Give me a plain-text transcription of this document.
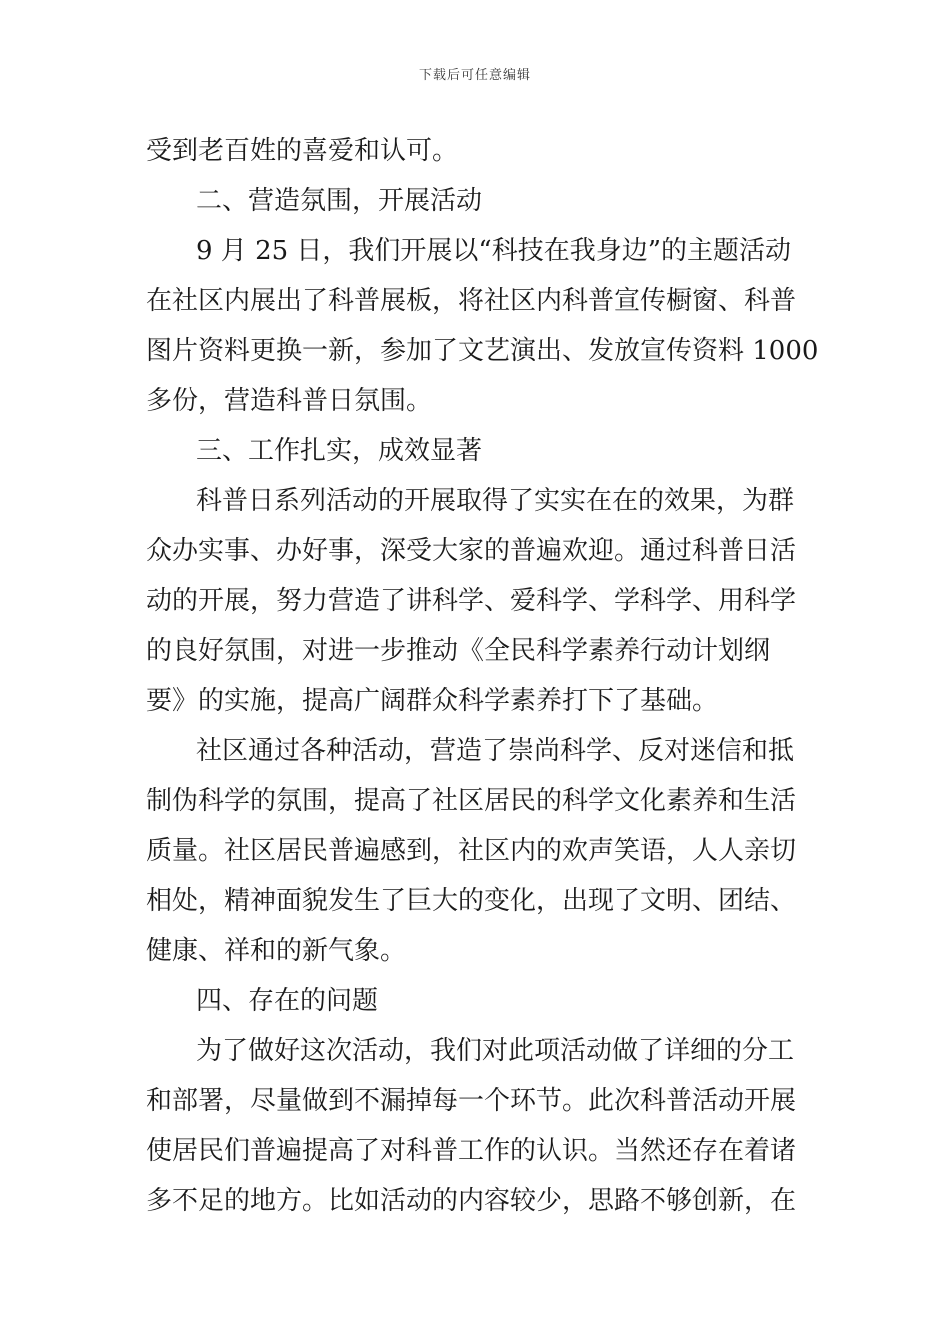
下载后可任意编辑
受到老百姓的喜爱和认可。
二、营造氛围，开展活动
9 月 25 日，我们开展以“科技在我身边”的主题活动
在社区内展出了科普展板，将社区内科普宣传橱窗、科普
图片资料更换一新，参加了文艺演出、发放宣传资料 1000
多份，营造科普日氛围。
三、工作扎实，成效显著
科普日系列活动的开展取得了实实在在的效果，为群
众办实事、办好事，深受大家的普遍欢迎。通过科普日活
动的开展，努力营造了讲科学、爱科学、学科学、用科学
的良好氛围，对进一步推动《全民科学素养行动计划纲
要》的实施，提高广阔群众科学素养打下了基础。
社区通过各种活动，营造了崇尚科学、反对迷信和抵
制伪科学的氛围，提高了社区居民的科学文化素养和生活
质量。社区居民普遍感到，社区内的欢声笑语，人人亲切
相处，精神面貌发生了巨大的变化，出现了文明、团结、
健康、祥和的新气象。
四、存在的问题
为了做好这次活动，我们对此项活动做了详细的分工
和部署，尽量做到不漏掉每一个环节。此次科普活动开展
使居民们普遍提高了对科普工作的认识。当然还存在着诸
多不足的地方。比如活动的内容较少，思路不够创新，在
